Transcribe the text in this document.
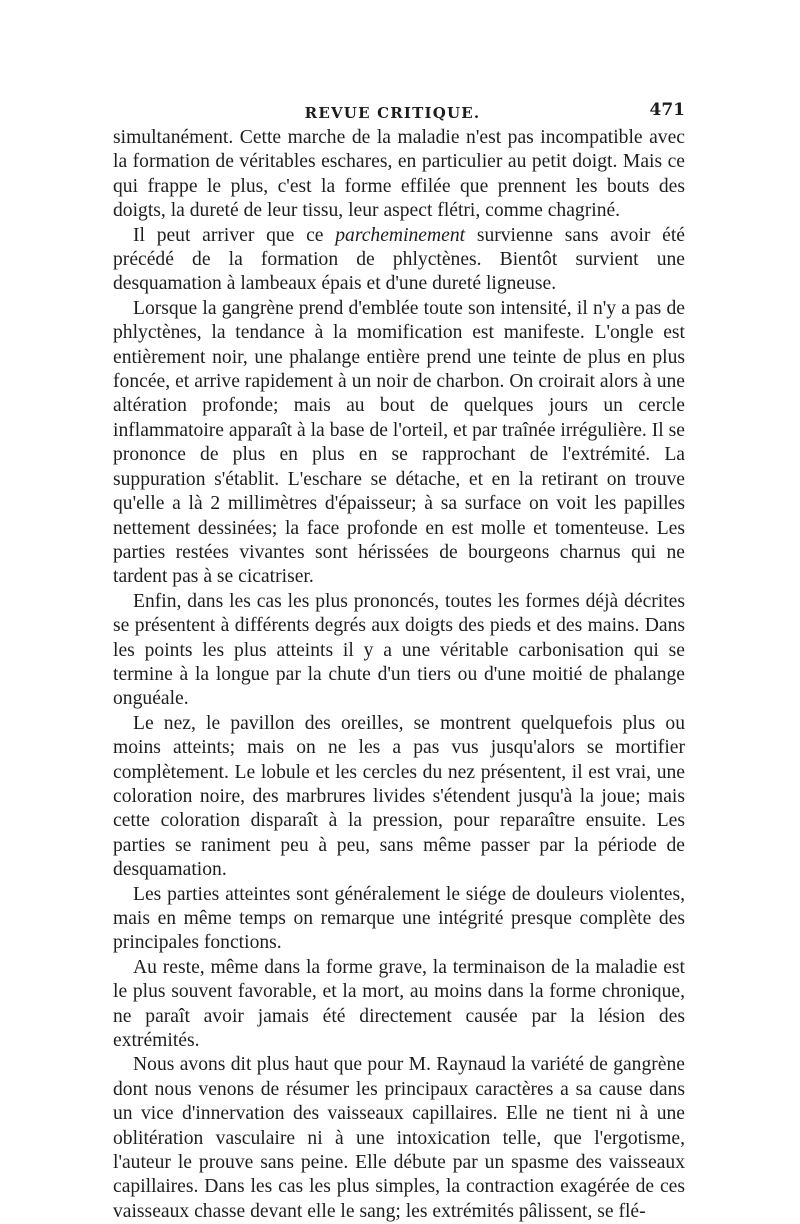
REVUE CRITIQUE.	471

simultanément. Cette marche de la maladie n'est pas incompatible avec la formation de véritables eschares, en particulier au petit doigt. Mais ce qui frappe le plus, c'est la forme effilée que prennent les bouts des doigts, la dureté de leur tissu, leur aspect flétri, comme chagriné.

Il peut arriver que ce parcheminement survienne sans avoir été précédé de la formation de phlyctènes. Bientôt survient une desquamation à lambeaux épais et d'une dureté ligneuse.

Lorsque la gangrène prend d'emblée toute son intensité, il n'y a pas de phlyctènes, la tendance à la momification est manifeste. L'ongle est entièrement noir, une phalange entière prend une teinte de plus en plus foncée, et arrive rapidement à un noir de charbon. On croirait alors à une altération profonde; mais au bout de quelques jours un cercle inflammatoire apparaît à la base de l'orteil, et par traînée irrégulière. Il se prononce de plus en plus en se rapprochant de l'extrémité. La suppuration s'établit. L'eschare se détache, et en la retirant on trouve qu'elle a là 2 millimètres d'épaisseur; à sa surface on voit les papilles nettement dessinées; la face profonde en est molle et tomenteuse. Les parties restées vivantes sont hérissées de bourgeons charnus qui ne tardent pas à se cicatriser.

Enfin, dans les cas les plus prononcés, toutes les formes déjà décrites se présentent à différents degrés aux doigts des pieds et des mains. Dans les points les plus atteints il y a une véritable carbonisation qui se termine à la longue par la chute d'un tiers ou d'une moitié de phalange onguéale.

Le nez, le pavillon des oreilles, se montrent quelquefois plus ou moins atteints; mais on ne les a pas vus jusqu'alors se mortifier complètement. Le lobule et les cercles du nez présentent, il est vrai, une coloration noire, des marbrures livides s'étendent jusqu'à la joue; mais cette coloration disparaît à la pression, pour reparaître ensuite. Les parties se raniment peu à peu, sans même passer par la période de desquamation.

Les parties atteintes sont généralement le siége de douleurs violentes, mais en même temps on remarque une intégrité presque complète des principales fonctions.

Au reste, même dans la forme grave, la terminaison de la maladie est le plus souvent favorable, et la mort, au moins dans la forme chronique, ne paraît avoir jamais été directement causée par la lésion des extrémités.

Nous avons dit plus haut que pour M. Raynaud la variété de gangrène dont nous venons de résumer les principaux caractères a sa cause dans un vice d'innervation des vaisseaux capillaires. Elle ne tient ni à une oblitération vasculaire ni à une intoxication telle, que l'ergotisme, l'auteur le prouve sans peine. Elle débute par un spasme des vaisseaux capillaires. Dans les cas les plus simples, la contraction exagérée de ces vaisseaux chasse devant elle le sang; les extrémités pâlissent, se flé-
